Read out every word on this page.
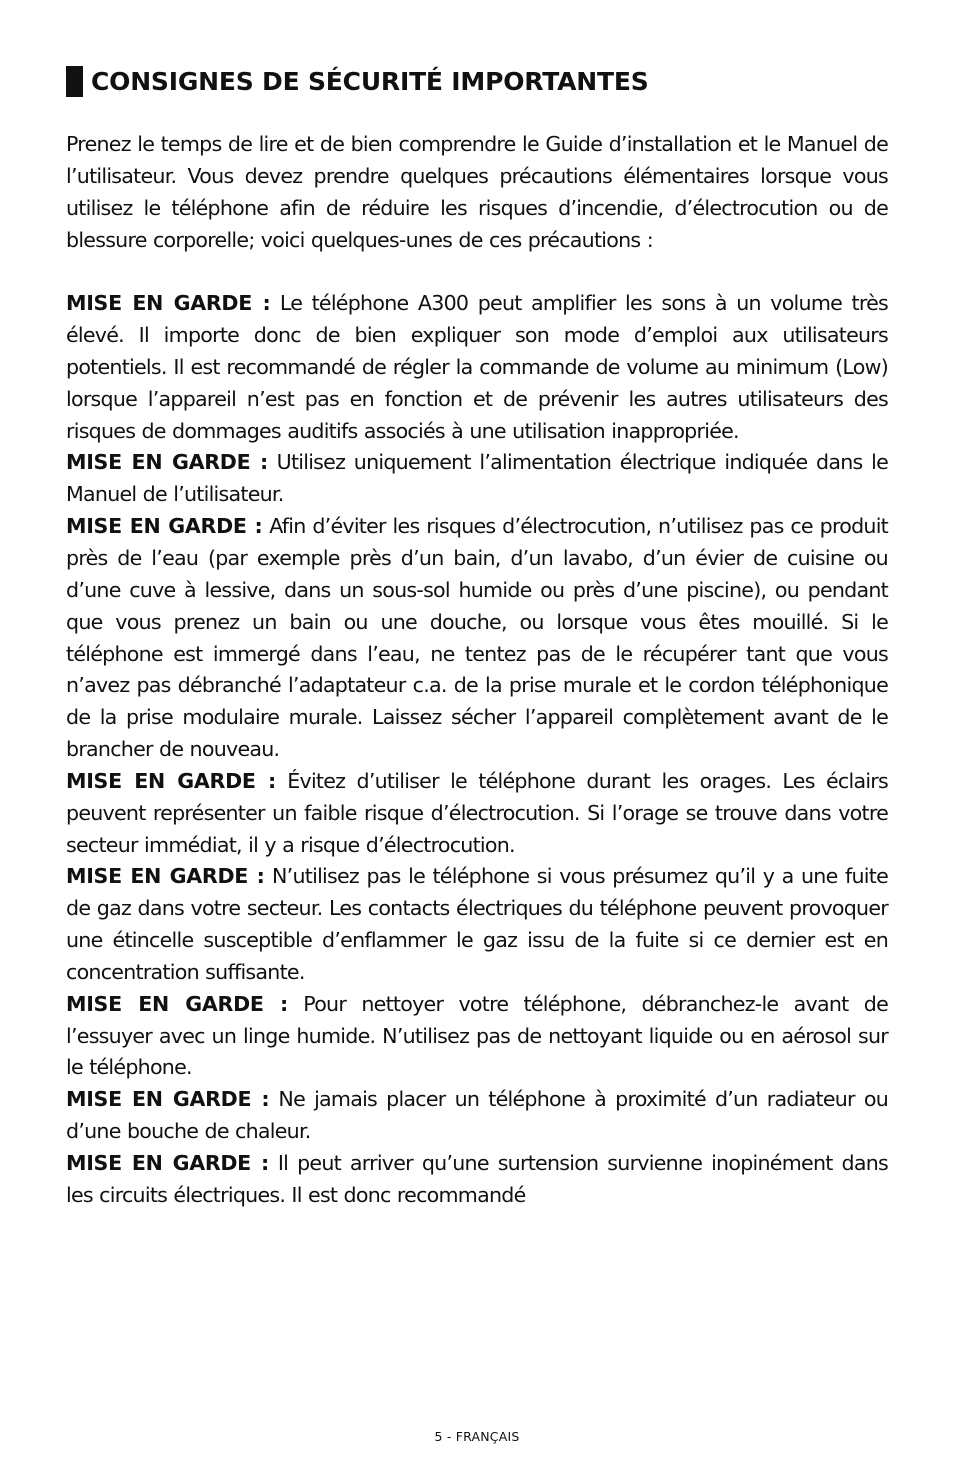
CONSIGNES DE SÉCURITÉ IMPORTANTES

Prenez le temps de lire et de bien comprendre le Guide d’installation et le Manuel de l’utilisateur. Vous devez prendre quelques précautions élémentaires lorsque vous utilisez le téléphone afin de réduire les risques d’incendie, d’électrocution ou de blessure corporelle; voici quelques-unes de ces précautions :

MISE EN GARDE : Le téléphone A300 peut amplifier les sons à un volume très élevé. Il importe donc de bien expliquer son mode d’emploi aux utilisateurs potentiels. Il est recommandé de régler la commande de volume au minimum (Low) lorsque l’appareil n’est pas en fonction et de prévenir les autres utilisateurs des risques de dommages auditifs associés à une utilisation inappropriée.

MISE EN GARDE : Utilisez uniquement l’alimentation électrique indiquée dans le Manuel de l’utilisateur.

MISE EN GARDE : Afin d’éviter les risques d’électrocution, n’utilisez pas ce produit près de l’eau (par exemple près d’un bain, d’un lavabo, d’un évier de cuisine ou d’une cuve à lessive, dans un sous-sol humide ou près d’une piscine), ou pendant que vous prenez un bain ou une douche, ou lorsque vous êtes mouillé. Si le téléphone est immergé dans l’eau, ne tentez pas de le récupérer tant que vous n’avez pas débranché l’adaptateur c.a. de la prise murale et le cordon téléphonique de la prise modulaire murale. Laissez sécher l’appareil complètement avant de le brancher de nouveau.

MISE EN GARDE : Évitez d’utiliser le téléphone durant les orages. Les éclairs peuvent représenter un faible risque d’électrocution. Si l’orage se trouve dans votre secteur immédiat, il y a risque d’électrocution.

MISE EN GARDE : N’utilisez pas le téléphone si vous présumez qu’il y a une fuite de gaz dans votre secteur. Les contacts électriques du téléphone peuvent provoquer une étincelle susceptible d’enflammer le gaz issu de la fuite si ce dernier est en concentration suffisante.

MISE EN GARDE : Pour nettoyer votre téléphone, débranchez-le avant de l’essuyer avec un linge humide. N’utilisez pas de nettoyant liquide ou en aérosol sur le téléphone.

MISE EN GARDE : Ne jamais placer un téléphone à proximité d’un radiateur ou d’une bouche de chaleur.

MISE EN GARDE : Il peut arriver qu’une surtension survienne inopinément dans les circuits électriques. Il est donc recommandé

5 - FRANÇAIS
